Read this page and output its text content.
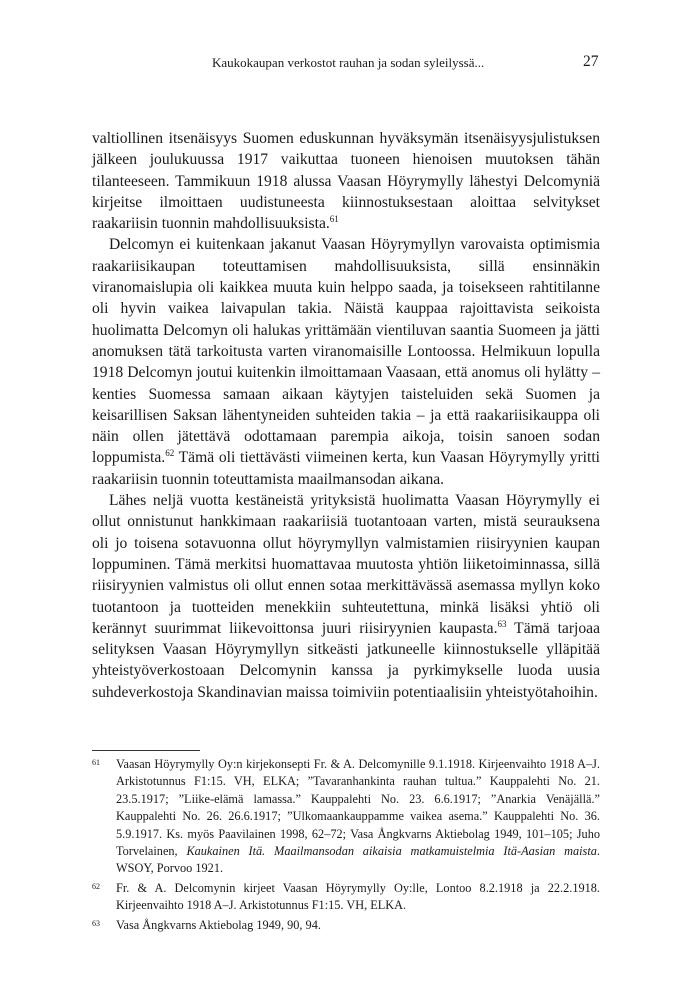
Kaukokaupan verkostot rauhan ja sodan syleilyssä...	27

valtiollinen itsenäisyys Suomen eduskunnan hyväksymän itsenäisyysjulistuksen jälkeen joulukuussa 1917 vaikuttaa tuoneen hienoisen muutoksen tähän tilanteeseen. Tammikuun 1918 alussa Vaasan Höyrymylly lähestyi Delcomyniä kirjeitse ilmoittaen uudistuneesta kiinnostuksestaan aloittaa selvitykset raakariisin tuonnin mahdollisuuksista.$^{61}$

Delcomyn ei kuitenkaan jakanut Vaasan Höyrymyllyn varovaista optimismia raakariisikaupan toteuttamisen mahdollisuuksista, sillä ensinnäkin viranomaislupia oli kaikkea muuta kuin helppo saada, ja toisekseen rahtitilanne oli hyvin vaikea laivapulan takia. Näistä kauppaa rajoittavista seikoista huolimatta Delcomyn oli halukas yrittämään vientiluvan saantia Suomeen ja jätti anomuksen tätä tarkoitusta varten viranomaisille Lontoossa. Helmikuun lopulla 1918 Delcomyn joutui kuitenkin ilmoittamaan Vaasaan, että anomus oli hylätty – kenties Suomessa samaan aikaan käytyjen taisteluiden sekä Suomen ja keisarillisen Saksan lähentyneiden suhteiden takia – ja että raakariisikauppa oli näin ollen jätettävä odottamaan parempia aikoja, toisin sanoen sodan loppumista.$^{62}$ Tämä oli tiettävästi viimeinen kerta, kun Vaasan Höyrymylly yritti raakariisin tuonnin toteuttamista maailmansodan aikana.

Lähes neljä vuotta kestäneistä yrityksistä huolimatta Vaasan Höyrymylly ei ollut onnistunut hankkimaan raakariisiä tuotantoaan varten, mistä seurauksena oli jo toisena sotavuonna ollut höyrymyllyn valmistamien riisiryynien kaupan loppuminen. Tämä merkitsi huomattavaa muutosta yhtiön liiketoiminnassa, sillä riisiryynien valmistus oli ollut ennen sotaa merkittävässä asemassa myllyn koko tuotantoon ja tuotteiden menekkiin suhteutettuna, minkä lisäksi yhtiö oli kerännyt suurimmat liikevoittonsa juuri riisiryynien kaupasta.$^{63}$ Tämä tarjoaa selityksen Vaasan Höyrymyllyn sitkeästi jatkuneelle kiinnostukselle ylläpitää yhteistyöverkostoaan Delcomynin kanssa ja pyrkimykselle luoda uusia suhdeverkostoja Skandinavian maissa toimiviin potentiaalisiin yhteistyötahoihin.

61 Vaasan Höyrymylly Oy:n kirjekonsepti Fr. & A. Delcomynille 9.1.1918. Kirjeenvaihto 1918 A–J. Arkistotunnus F1:15. VH, ELKA; ”Tavaranhankinta rauhan tultua.” Kauppalehti No. 21. 23.5.1917; ”Liike-elämä lamassa.” Kauppalehti No. 23. 6.6.1917; ”Anarkia Venäjällä.” Kauppalehti No. 26. 26.6.1917; ”Ulkomaankauppamme vaikea asema.” Kauppalehti No. 36. 5.9.1917. Ks. myös Paavilainen 1998, 62–72; Vasa Ångkvarns Aktiebolag 1949, 101–105; Juho Torvelainen, Kaukainen Itä. Maailmansodan aikaisia matkamuistelmia Itä-Aasian maista. WSOY, Porvoo 1921.
62 Fr. & A. Delcomynin kirjeet Vaasan Höyrymylly Oy:lle, Lontoo 8.2.1918 ja 22.2.1918. Kirjeenvaihto 1918 A–J. Arkistotunnus F1:15. VH, ELKA.
63 Vasa Ångkvarns Aktiebolag 1949, 90, 94.
